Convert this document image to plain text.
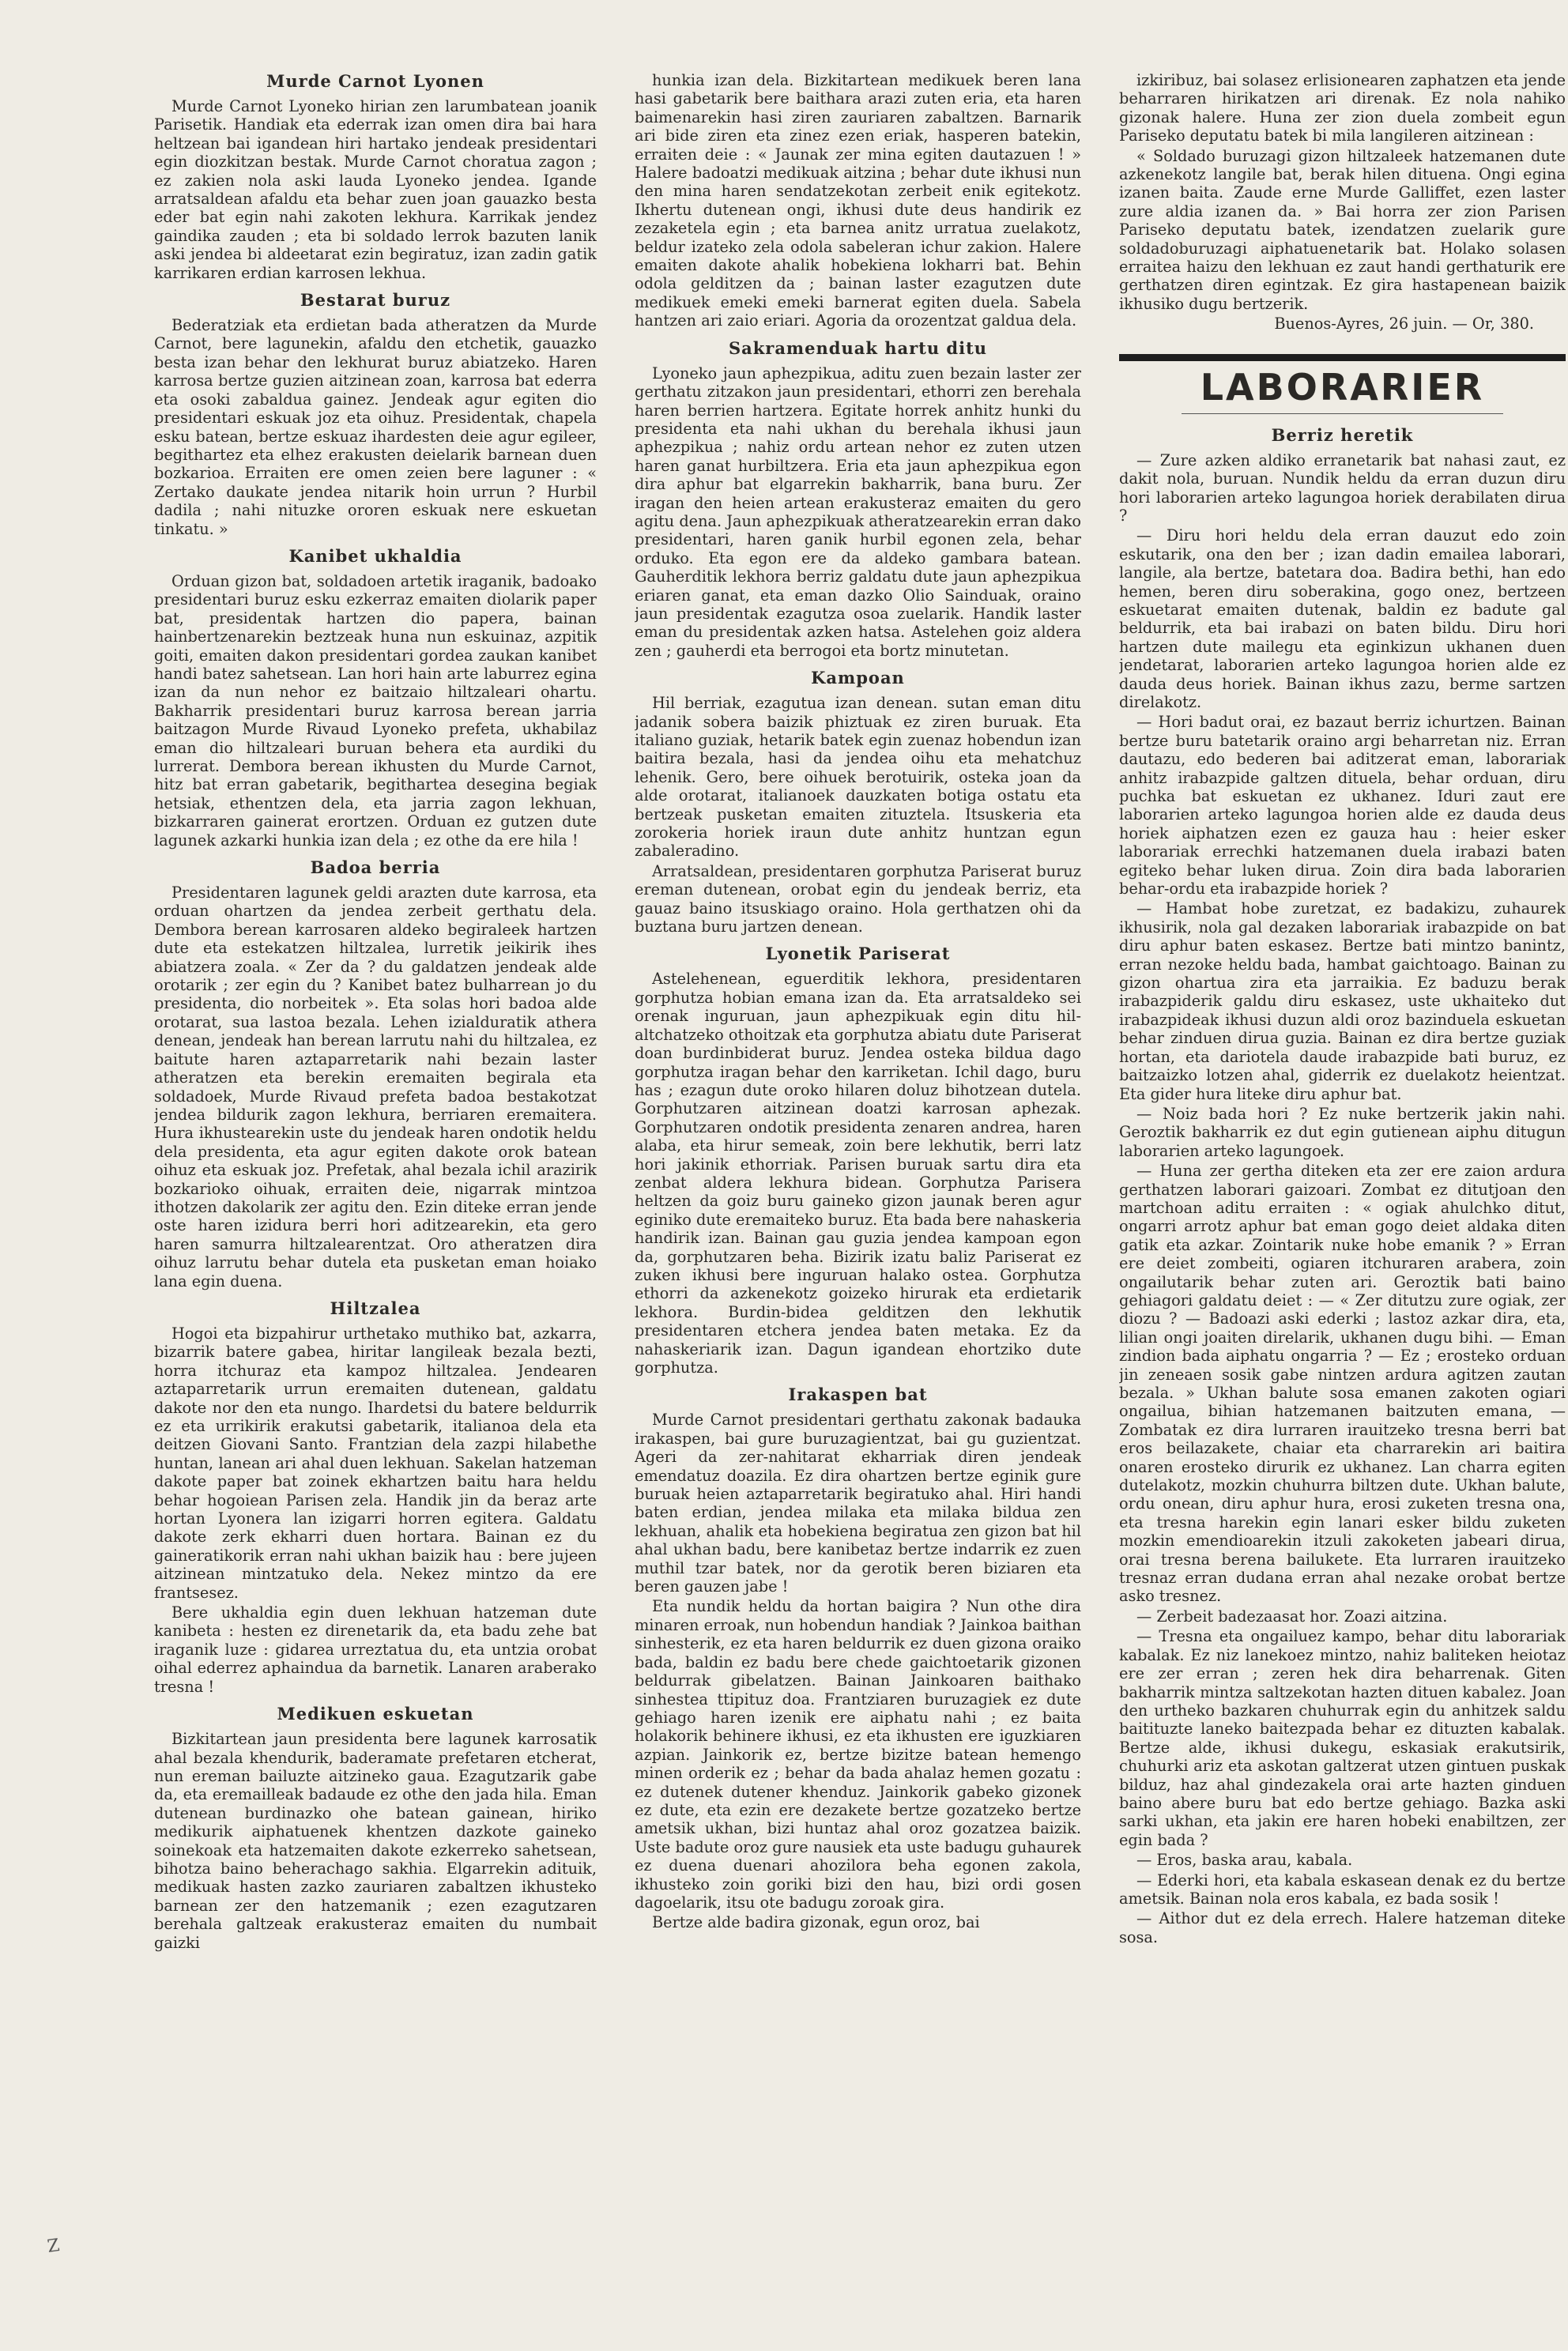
Murde Carnot Lyonen

Murde Carnot Lyoneko hirian zen larumbatean joanik Parisetik. Handiak eta ederrak izan omen dira bai hara heltzean bai igandean hiri hartako jendeak presidentari egin diozkitzan bestak. Murde Carnot choratua zagon ; ez zakien nola aski lauda Lyoneko jendea. Igande arratsaldean afaldu eta behar zuen joan gauazko besta eder bat egin nahi zakoten lekhura. Karrikak jendez gaindika zauden ; eta bi soldado lerrok bazuten lanik aski jendea bi aldeetarat ezin begiratuz, izan zadin gatik karrikaren erdian karrosen lekhua.

Bestarat buruz

Bederatziak eta erdietan bada atheratzen da Murde Carnot, bere lagunekin, afaldu den etchetik, gauazko besta izan behar den lekhurat buruz abiatzeko. Haren karrosa bertze guzien aitzinean zoan, karrosa bat ederra eta osoki zabaldua gainez. Jendeak agur egiten dio presidentari eskuak joz eta oihuz. Presidentak, chapela esku batean, bertze eskuaz ihardesten deie agur egileer, begithartez eta elhez erakusten deielarik barnean duen bozkarioa. Erraiten ere omen zeien bere laguner : « Zertako daukate jendea nitarik hoin urrun ? Hurbil dadila ; nahi nituzke ororen eskuak nere eskuetan tinkatu. »

Kanibet ukhaldia

Orduan gizon bat, soldadoen artetik iraganik, badoako presidentari buruz esku ezkerraz emaiten diolarik paper bat, presidentak hartzen dio papera, bainan hainbertzenarekin beztzeak huna nun eskuinaz, azpitik goiti, emaiten dakon presidentari gordea zaukan kanibet handi batez sahetsean. Lan hori hain arte laburrez egina izan da nun nehor ez baitzaio hiltzaleari ohartu. Bakharrik presidentari buruz karrosa berean jarria baitzagon Murde Rivaud Lyoneko prefeta, ukhabilaz eman dio hiltzaleari buruan behera eta aurdiki du lurrerat. Dembora berean ikhusten du Murde Carnot, hitz bat erran gabetarik, begithartea desegina begiak hetsiak, ethentzen dela, eta jarria zagon lekhuan, bizkarraren gainerat erortzen. Orduan ez gutzen dute lagunek azkarki hunkia izan dela ; ez othe da ere hila !

Badoa berria

Presidentaren lagunek geldi arazten dute karrosa, eta orduan ohartzen da jendea zerbeit gerthatu dela. Dembora berean karrosaren aldeko begiraleek hartzen dute eta estekatzen hiltzalea, lurretik jeikirik ihes abiatzera zoala. « Zer da ? du galdatzen jendeak alde orotarik ; zer egin du ? Kanibet batez bulharrean jo du presidenta, dio norbeitek ». Eta solas hori badoa alde orotarat, sua lastoa bezala. Lehen izialduratik athera denean, jendeak han berean larrutu nahi du hiltzalea, ez baitute haren aztaparretarik nahi bezain laster atheratzen eta berekin eremaiten begirala eta soldadoek, Murde Rivaud prefeta badoa bestakotzat jendea bildurik zagon lekhura, berriaren eremaitera. Hura ikhustearekin uste du jendeak haren ondotik heldu dela presidenta, eta agur egiten dakote orok batean oihuz eta eskuak joz. Prefetak, ahal bezala ichil arazirik bozkarioko oihuak, erraiten deie, nigarrak mintzoa ithotzen dakolarik zer agitu den. Ezin diteke erran jende oste haren izidura berri hori aditzearekin, eta gero haren samurra hiltzalearentzat. Oro atheratzen dira oihuz larrutu behar dutela eta pusketan eman hoiako lana egin duena.

Hiltzalea

Hogoi eta bizpahirur urthetako muthiko bat, azkarra, bizarrik batere gabea, hiritar langileak bezala bezti, horra itchuraz eta kampoz hiltzalea. Jendearen aztaparretarik urrun eremaiten dutenean, galdatu dakote nor den eta nungo. Ihardetsi du batere beldurrik ez eta urrikirik erakutsi gabetarik, italianoa dela eta deitzen Giovani Santo. Frantzian dela zazpi hilabethe huntan, lanean ari ahal duen lekhuan. Sakelan hatzeman dakote paper bat zoinek ekhartzen baitu hara heldu behar hogoiean Parisen zela. Handik jin da beraz arte hortan Lyonera lan izigarri horren egitera. Galdatu dakote zerk ekharri duen hortara. Bainan ez du gaineratikorik erran nahi ukhan baizik hau : bere jujeen aitzinean mintzatuko dela. Nekez mintzo da ere frantsesez.

Bere ukhaldia egin duen lekhuan hatzeman dute kanibeta : hesten ez direnetarik da, eta badu zehe bat iraganik luze : gidarea urreztatua du, eta untzia orobat oihal ederrez aphaindua da barnetik. Lanaren araberako tresna !

Medikuen eskuetan

Bizkitartean jaun presidenta bere lagunek karrosatik ahal bezala khendurik, baderamate prefetaren etcherat, nun ereman bailuzte aitzineko gaua. Ezagutzarik gabe da, eta eremailleak badaude ez othe den jada hila. Eman dutenean burdinazko ohe batean gainean, hiriko medikurik aiphatuenek khentzen dazkote gaineko soinekoak eta hatzemaiten dakote ezkerreko sahetsean, bihotza baino beherachago sakhia. Elgarrekin adituik, medikuak hasten zazko zauriaren zabaltzen ikhusteko barnean zer den hatzemanik ; ezen ezagutzaren berehala galtzeak erakusteraz emaiten du numbait gaizki

hunkia izan dela. Bizkitartean medikuek beren lana hasi gabetarik bere baithara arazi zuten eria, eta haren baimenarekin hasi ziren zauriaren zabaltzen. Barnarik ari bide ziren eta zinez ezen eriak, hasperen batekin, erraiten deie : « Jaunak zer mina egiten dautazuen ! » Halere badoatzi medikuak aitzina ; behar dute ikhusi nun den mina haren sendatzekotan zerbeit enik egitekotz. Ikhertu dutenean ongi, ikhusi dute deus handirik ez zezaketela egin ; eta barnea anitz urratua zuelakotz, beldur izateko zela odola sabeleran ichur zakion. Halere emaiten dakote ahalik hobekiena lokharri bat. Behin odola gelditzen da ; bainan laster ezagutzen dute medikuek emeki emeki barnerat egiten duela. Sabela hantzen ari zaio eriari. Agoria da orozentzat galdua dela.

Sakramenduak hartu ditu

Lyoneko jaun aphezpikua, aditu zuen bezain laster zer gerthatu zitzakon jaun presidentari, ethorri zen berehala haren berrien hartzera. Egitate horrek anhitz hunki du presidenta eta nahi ukhan du berehala ikhusi jaun aphezpikua ; nahiz ordu artean nehor ez zuten utzen haren ganat hurbiltzera. Eria eta jaun aphezpikua egon dira aphur bat elgarrekin bakharrik, bana buru. Zer iragan den heien artean erakusteraz emaiten du gero agitu dena. Jaun aphezpikuak atheratzearekin erran dako presidentari, haren ganik hurbil egonen zela, behar orduko. Eta egon ere da aldeko gambara batean. Gauherditik lekhora berriz galdatu dute jaun aphezpikua eriaren ganat, eta eman dazko Olio Sainduak, oraino jaun presidentak ezagutza osoa zuelarik. Handik laster eman du presidentak azken hatsa. Astelehen goiz aldera zen ; gauherdi eta berrogoi eta bortz minutetan.

Kampoan

Hil berriak, ezagutua izan denean. sutan eman ditu jadanik sobera baizik phiztuak ez ziren buruak. Eta italiano guziak, hetarik batek egin zuenaz hobendun izan baitira bezala, hasi da jendea oihu eta mehatchuz lehenik. Gero, bere oihuek berotuirik, osteka joan da alde orotarat, italianoek dauzkaten botiga ostatu eta bertzeak pusketan emaiten zituztela. Itsuskeria eta zorokeria horiek iraun dute anhitz huntzan egun zabaleradino.

Arratsaldean, presidentaren gorphutza Pariserat buruz ereman dutenean, orobat egin du jendeak berriz, eta gauaz baino itsuskiago oraino. Hola gerthatzen ohi da buztana buru jartzen denean.

Lyonetik Pariserat

Astelehenean, eguerditik lekhora, presidentaren gorphutza hobian emana izan da. Eta arratsaldeko sei orenak inguruan, jaun aphezpikuak egin ditu hil-altchatzeko othoitzak eta gorphutza abiatu dute Pariserat doan burdinbiderat buruz. Jendea osteka bildua dago gorphutza iragan behar den karriketan. Ichil dago, buru has ; ezagun dute oroko hilaren doluz bihotzean dutela. Gorphutzaren aitzinean doatzi karrosan aphezak. Gorphutzaren ondotik presidenta zenaren andrea, haren alaba, eta hirur semeak, zoin bere lekhutik, berri latz hori jakinik ethorriak. Parisen buruak sartu dira eta zenbat aldera lekhura bidean. Gorphutza Parisera heltzen da goiz buru gaineko gizon jaunak beren agur eginiko dute eremaiteko buruz. Eta bada bere nahaskeria handirik izan. Bainan gau guzia jendea kampoan egon da, gorphutzaren beha. Bizirik izatu baliz Pariserat ez zuken ikhusi bere inguruan halako ostea. Gorphutza ethorri da azkenekotz goizeko hirurak eta erdietarik lekhora. Burdin-bidea gelditzen den lekhutik presidentaren etchera jendea baten metaka. Ez da nahaskeriarik izan. Dagun igandean ehortziko dute gorphutza.

Irakaspen bat

Murde Carnot presidentari gerthatu zakonak badauka irakaspen, bai gure buruzagientzat, bai gu guzientzat. Ageri da zer-nahitarat ekharriak diren jendeak emendatuz doazila. Ez dira ohartzen bertze eginik gure buruak heien aztaparretarik begiratuko ahal. Hiri handi baten erdian, jendea milaka eta milaka bildua zen lekhuan, ahalik eta hobekiena begiratua zen gizon bat hil ahal ukhan badu, bere kanibetaz bertze indarrik ez zuen muthil tzar batek, nor da gerotik beren biziaren eta beren gauzen jabe !

Eta nundik heldu da hortan baigira ? Nun othe dira minaren erroak, nun hobendun handiak ? Jainkoa baithan sinhesterik, ez eta haren beldurrik ez duen gizona oraiko bada, baldin ez badu bere chede gaichtoetarik gizonen beldurrak gibelatzen. Bainan Jainkoaren baithako sinhestea ttipituz doa. Frantziaren buruzagiek ez dute gehiago haren izenik ere aiphatu nahi ; ez baita holakorik behinere ikhusi, ez eta ikhusten ere iguzkiaren azpian. Jainkorik ez, bertze bizitze batean hemengo minen orderik ez ; behar da bada ahalaz hemen gozatu : ez dutenek dutener khenduz. Jainkorik gabeko gizonek ez dute, eta ezin ere dezakete bertze gozatzeko bertze ametsik ukhan, bizi huntaz ahal oroz gozatzea baizik. Uste badute oroz gure nausiek eta uste badugu guhaurek ez duena duenari ahozilora beha egonen zakola, ikhusteko zoin goriki bizi den hau, bizi ordi gosen dagoelarik, itsu ote badugu zoroak gira.

Bertze alde badira gizonak, egun oroz, bai

izkiribuz, bai solasez erlisionearen zaphatzen eta jende beharraren hirikatzen ari direnak. Ez nola nahiko gizonak halere. Huna zer zion duela zombeit egun Pariseko deputatu batek bi mila langileren aitzinean :

« Soldado buruzagi gizon hiltzaleek hatzemanen dute azkenekotz langile bat, berak hilen dituena. Ongi egina izanen baita. Zaude erne Murde Galliffet, ezen laster zure aldia izanen da. » Bai horra zer zion Parisen Pariseko deputatu batek, izendatzen zuelarik gure soldadoburuzagi aiphatuenetarik bat. Holako solasen erraitea haizu den lekhuan ez zaut handi gerthaturik ere gerthatzen diren egintzak. Ez gira hastapenean baizik ikhusiko dugu bertzerik.

Buenos-Ayres, 26 juin. — Or, 380.

LABORARIER
Berriz heretik

— Zure azken aldiko erranetarik bat nahasi zaut, ez dakit nola, buruan. Nundik heldu da erran duzun diru hori laborarien arteko lagungoa horiek derabilaten dirua ?

— Diru hori heldu dela erran dauzut edo zoin eskutarik, ona den ber ; izan dadin emailea laborari, langile, ala bertze, batetara doa. Badira bethi, han edo hemen, beren diru soberakina, gogo onez, bertzeen eskuetarat emaiten dutenak, baldin ez badute gal beldurrik, eta bai irabazi on baten bildu. Diru hori hartzen dute mailegu eta eginkizun ukhanen duen jendetarat, laborarien arteko lagungoa horien alde ez dauda deus horiek. Bainan ikhus zazu, berme sartzen direlakotz.

— Hori badut orai, ez bazaut berriz ichurtzen. Bainan bertze buru batetarik oraino argi beharretan niz. Erran dautazu, edo bederen bai aditzerat eman, laborariak anhitz irabazpide galtzen dituela, behar orduan, diru puchka bat eskuetan ez ukhanez. Iduri zaut ere laborarien arteko lagungoa horien alde ez dauda deus horiek aiphatzen ezen ez gauza hau : heier esker laborariak errechki hatzemanen duela irabazi baten egiteko behar luken dirua. Zoin dira bada laborarien behar-ordu eta irabazpide horiek ?

— Hambat hobe zuretzat, ez badakizu, zuhaurek ikhusirik, nola gal dezaken laborariak irabazpide on bat diru aphur baten eskasez. Bertze bati mintzo banintz, erran nezoke heldu bada, hambat gaichtoago. Bainan zu gizon ohartua zira eta jarraikia. Ez baduzu berak irabazpiderik galdu diru eskasez, uste ukhaiteko dut irabazpideak ikhusi duzun aldi oroz bazinduela eskuetan behar zinduen dirua guzia. Bainan ez dira bertze guziak hortan, eta dariotela daude irabazpide bati buruz, ez baitzaizko lotzen ahal, giderrik ez duelakotz heientzat. Eta gider hura liteke diru aphur bat.

— Noiz bada hori ? Ez nuke bertzerik jakin nahi. Geroztik bakharrik ez dut egin gutienean aiphu ditugun laborarien arteko lagungoek.

— Huna zer gertha diteken eta zer ere zaion ardura gerthatzen laborari gaizoari. Zombat ez ditutjoan den martchoan aditu erraiten : « ogiak ahulchko ditut, ongarri arrotz aphur bat eman gogo deiet aldaka diten gatik eta azkar. Zointarik nuke hobe emanik ? » Erran ere deiet zombeiti, ogiaren itchuraren arabera, zoin ongailutarik behar zuten ari. Geroztik bati baino gehiagori galdatu deiet : — « Zer ditutzu zure ogiak, zer diozu ? — Badoazi aski ederki ; lastoz azkar dira, eta, lilian ongi joaiten direlarik, ukhanen dugu bihi. — Eman zindion bada aiphatu ongarria ? — Ez ; erosteko orduan jin zeneaen sosik gabe nintzen ardura agitzen zautan bezala. » Ukhan balute sosa emanen zakoten ogiari ongailua, bihian hatzemanen baitzuten emana, — Zombatak ez dira lurraren irauitzeko tresna berri bat eros beilazakete, chaiar eta charrarekin ari baitira onaren erosteko dirurik ez ukhanez. Lan charra egiten dutelakotz, mozkin chuhurra biltzen dute. Ukhan balute, ordu onean, diru aphur hura, erosi zuketen tresna ona, eta tresna harekin egin lanari esker bildu zuketen mozkin emendioarekin itzuli zakoketen jabeari dirua, orai tresna berena bailukete. Eta lurraren irauitzeko tresnaz erran dudana erran ahal nezake orobat bertze asko tresnez.

— Zerbeit badezaasat hor. Zoazi aitzina.

— Tresna eta ongailuez kampo, behar ditu laborariak kabalak. Ez niz lanekoez mintzo, nahiz baliteken heiotaz ere zer erran ; zeren hek dira beharrenak. Giten bakharrik mintza saltzekotan hazten dituen kabalez. Joan den urtheko bazkaren chuhurrak egin du anhitzek saldu baitituzte laneko baitezpada behar ez dituzten kabalak. Bertze alde, ikhusi dukegu, eskasiak erakutsirik, chuhurki ariz eta askotan galtzerat utzen gintuen puskak bilduz, haz ahal gindezakela orai arte hazten ginduen baino abere buru bat edo bertze gehiago. Bazka aski sarki ukhan, eta jakin ere haren hobeki enabiltzen, zer egin bada ?

— Eros, baska arau, kabala.

— Ederki hori, eta kabala eskasean denak ez du bertze ametsik. Bainan nola eros kabala, ez bada sosik !

— Aithor dut ez dela errech. Halere hatzeman diteke sosa.

Z
